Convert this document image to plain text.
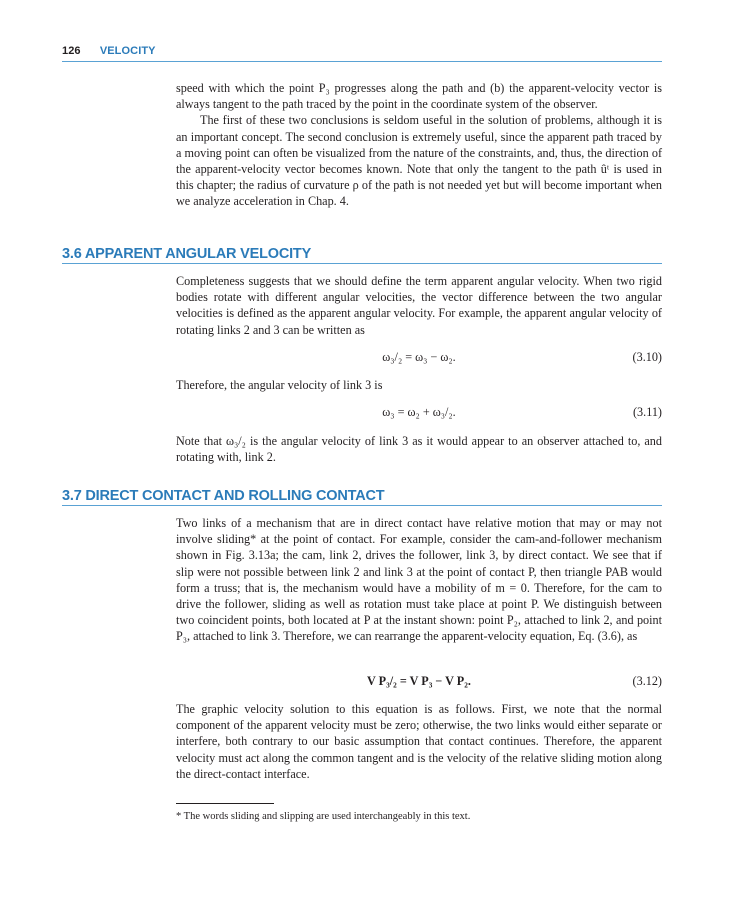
126 VELOCITY

speed with which the point P₃ progresses along the path and (b) the apparent-velocity vector is always tangent to the path traced by the point in the coordinate system of the observer.

The first of these two conclusions is seldom useful in the solution of problems, although it is an important concept. The second conclusion is extremely useful, since the apparent path traced by a moving point can often be visualized from the nature of the constraints, and, thus, the direction of the apparent-velocity vector becomes known. Note that only the tangent to the path ûᵗ is used in this chapter; the radius of curvature ρ of the path is not needed yet but will become important when we analyze acceleration in Chap. 4.

3.6 APPARENT ANGULAR VELOCITY

Completeness suggests that we should define the term apparent angular velocity. When two rigid bodies rotate with different angular velocities, the vector difference between the two angular velocities is defined as the apparent angular velocity. For example, the apparent angular velocity of rotating links 2 and 3 can be written as

ω₃/₂ = ω₃ − ω₂.	(3.10)

Therefore, the angular velocity of link 3 is

ω₃ = ω₂ + ω₃/₂.	(3.11)

Note that ω₃/₂ is the angular velocity of link 3 as it would appear to an observer attached to, and rotating with, link 2.

3.7 DIRECT CONTACT AND ROLLING CONTACT

Two links of a mechanism that are in direct contact have relative motion that may or may not involve sliding* at the point of contact. For example, consider the cam-and-follower mechanism shown in Fig. 3.13a; the cam, link 2, drives the follower, link 3, by direct contact. We see that if slip were not possible between link 2 and link 3 at the point of contact P, then triangle PAB would form a truss; that is, the mechanism would have a mobility of m = 0. Therefore, for the cam to drive the follower, sliding as well as rotation must take place at point P. We distinguish between two coincident points, both located at P at the instant shown: point P₂, attached to link 2, and point P₃, attached to link 3. Therefore, we can rearrange the apparent-velocity equation, Eq. (3.6), as

V P₃/₂ = V P₃ − V P₂.	(3.12)

The graphic velocity solution to this equation is as follows. First, we note that the normal component of the apparent velocity must be zero; otherwise, the two links would either separate or interfere, both contrary to our basic assumption that contact continues. Therefore, the apparent velocity must act along the common tangent and is the velocity of the relative sliding motion along the direct-contact interface.

* The words sliding and slipping are used interchangeably in this text.
